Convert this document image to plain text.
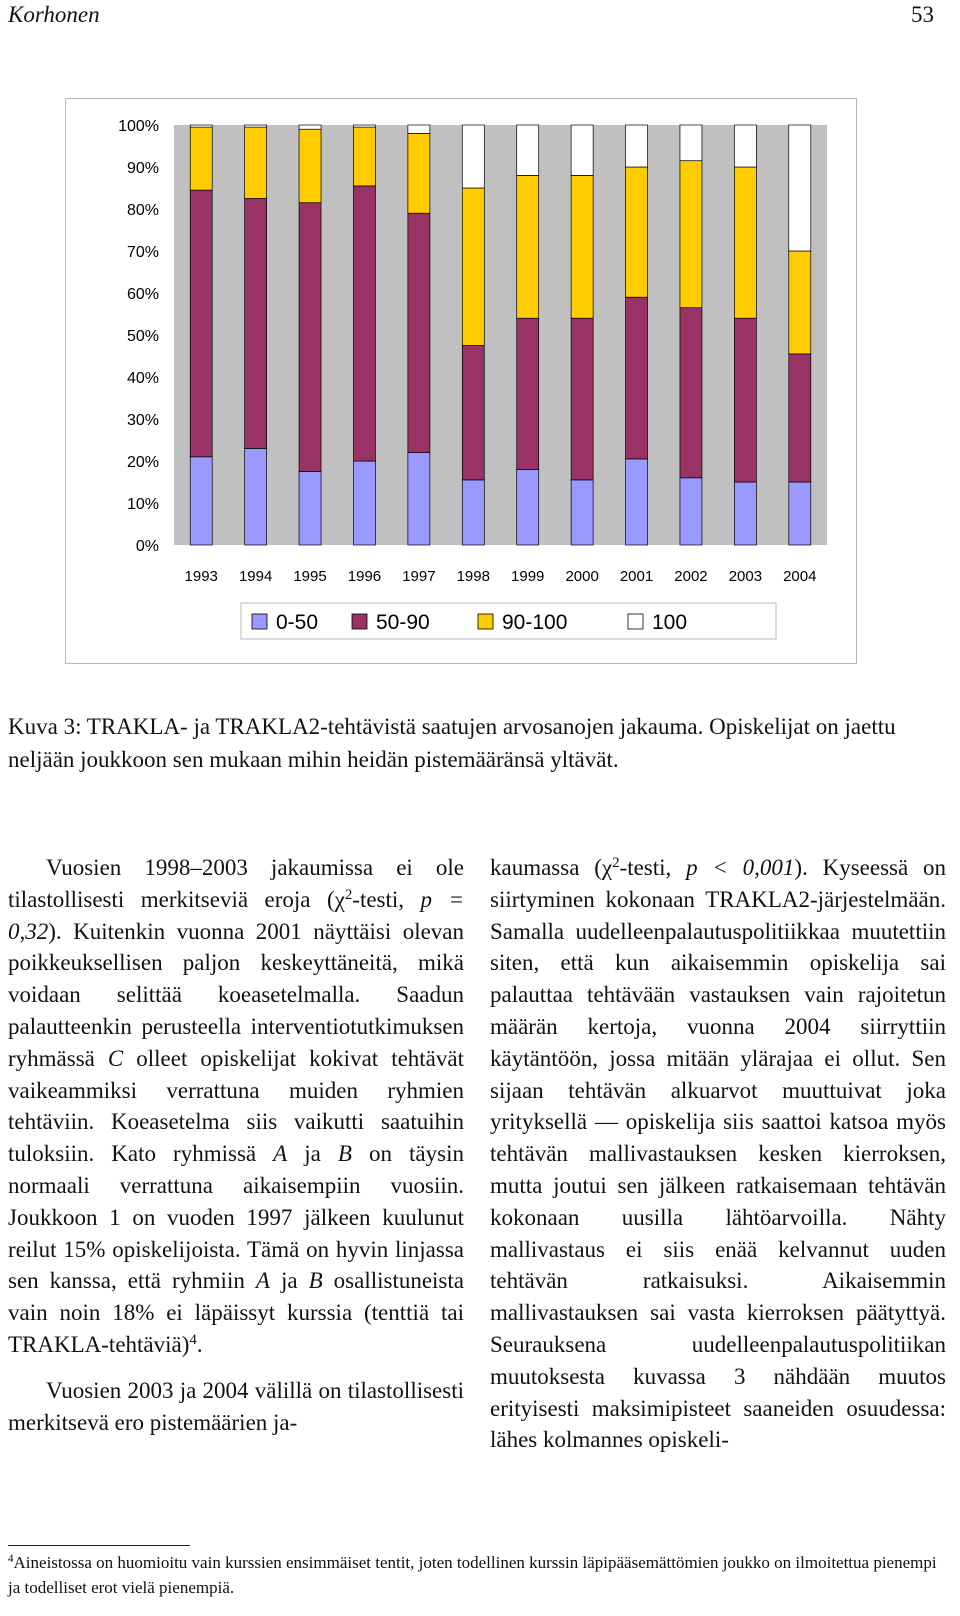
Korhonen	53
0%
10%
20%
30%
40%
50%
60%
70%
80%
90%
100%
1993 1994 1995 1996 1997 1998 1999 2000 2001 2002 2003 2004
0-50	50-90	90-100	100
Kuva 3: TRAKLA- ja TRAKLA2-tehtävistä saatujen arvosanojen jakauma. Opiskelijat on jaettu neljään joukkoon sen mukaan mihin heidän pistemääränsä yltävät.

Vuosien 1998–2003 jakaumissa ei ole tilastollisesti merkitseviä eroja ($\chi^2$-testi, p = 0,32). Kuitenkin vuonna 2001 näyttäisi olevan poikkeuksellisen paljon keskeyttäneitä, mikä voidaan selittää koeasetelmalla. Saadun palautteenkin perusteella interventiotutkimuksen ryhmässä C olleet opiskelijat kokivat tehtävät vaikeammiksi verrattuna muiden ryhmien tehtäviin. Koeasetelma siis vaikutti saatuihin tuloksiin. Kato ryhmissä A ja B on täysin normaali verrattuna aikaisempiin vuosiin. Joukkoon 1 on vuoden 1997 jälkeen kuulunut reilut 15% opiskelijoista. Tämä on hyvin linjassa sen kanssa, että ryhmiin A ja B osallistuneista vain noin 18% ei läpäissyt kurssia (tenttiä tai TRAKLA-tehtäviä)$^4$.

Vuosien 2003 ja 2004 välillä on tilastollisesti merkitsevä ero pistemäärien ja-

kaumassa ($\chi^2$-testi, p < 0,001). Kyseessä on siirtyminen kokonaan TRAKLA2-järjestelmään. Samalla uudelleenpalautuspolitiikkaa muutettiin siten, että kun aikaisemmin opiskelija sai palauttaa tehtävään vastauksen vain rajoitetun määrän kertoja, vuonna 2004 siirryttiin käytäntöön, jossa mitään ylärajaa ei ollut. Sen sijaan tehtävän alkuarvot muuttuivat joka yrityksellä — opiskelija siis saattoi katsoa myös tehtävän mallivastauksen kesken kierroksen, mutta joutui sen jälkeen ratkaisemaan tehtävän kokonaan uusilla lähtöarvoilla. Nähty mallivastaus ei siis enää kelvannut uuden tehtävän ratkaisuksi. Aikaisemmin mallivastauksen sai vasta kierroksen päätyttyä. Seurauksena uudelleenpalautuspolitiikan muutoksesta kuvassa 3 nähdään muutos erityisesti maksimipisteet saaneiden osuudessa: lähes kolmannes opiskeli-

$^4$Aineistossa on huomioitu vain kurssien ensimmäiset tentit, joten todellinen kurssin läpipääsemättömien joukko on ilmoitettua pienempi ja todelliset erot vielä pienempiä.
